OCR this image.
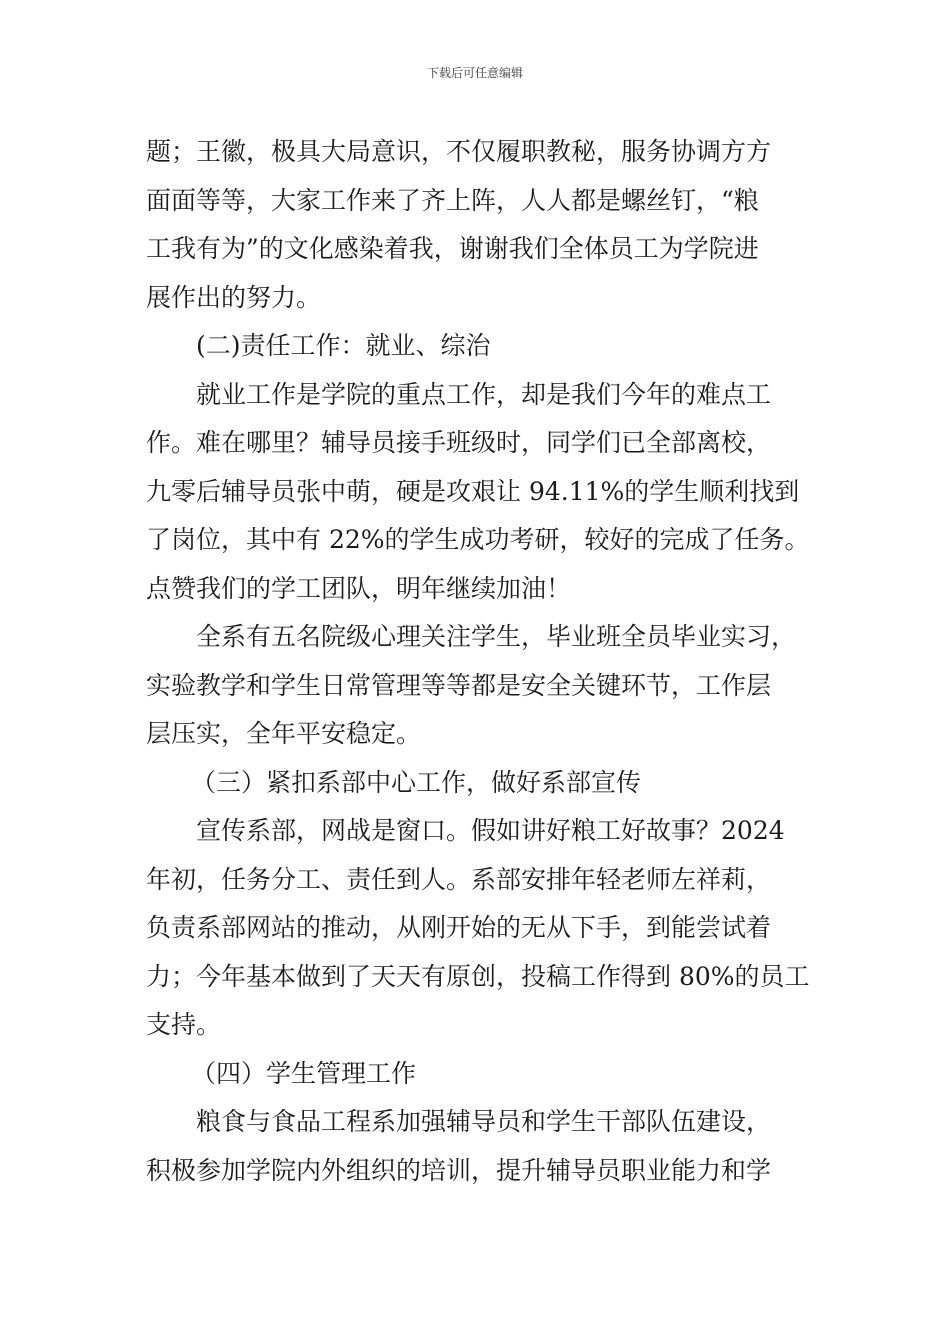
下载后可任意编辑
题；王徽，极具大局意识，不仅履职教秘，服务协调方方
面面等等，大家工作来了齐上阵，人人都是螺丝钉，“粮
工我有为”的文化感染着我，谢谢我们全体员工为学院进
展作出的努力。
(二)责任工作：就业、综治
就业工作是学院的重点工作，却是我们今年的难点工
作。难在哪里？辅导员接手班级时，同学们已全部离校，
九零后辅导员张中萌，硬是攻艰让 94.11%的学生顺利找到
了岗位，其中有 22%的学生成功考研，较好的完成了任务。
点赞我们的学工团队，明年继续加油！
全系有五名院级心理关注学生，毕业班全员毕业实习，
实验教学和学生日常管理等等都是安全关键环节，工作层
层压实，全年平安稳定。
（三）紧扣系部中心工作，做好系部宣传
宣传系部，网战是窗口。假如讲好粮工好故事？2024
年初，任务分工、责任到人。系部安排年轻老师左祥莉，
负责系部网站的推动，从刚开始的无从下手，到能尝试着
力；今年基本做到了天天有原创，投稿工作得到 80%的员工
支持。
（四）学生管理工作
粮食与食品工程系加强辅导员和学生干部队伍建设，
积极参加学院内外组织的培训，提升辅导员职业能力和学
